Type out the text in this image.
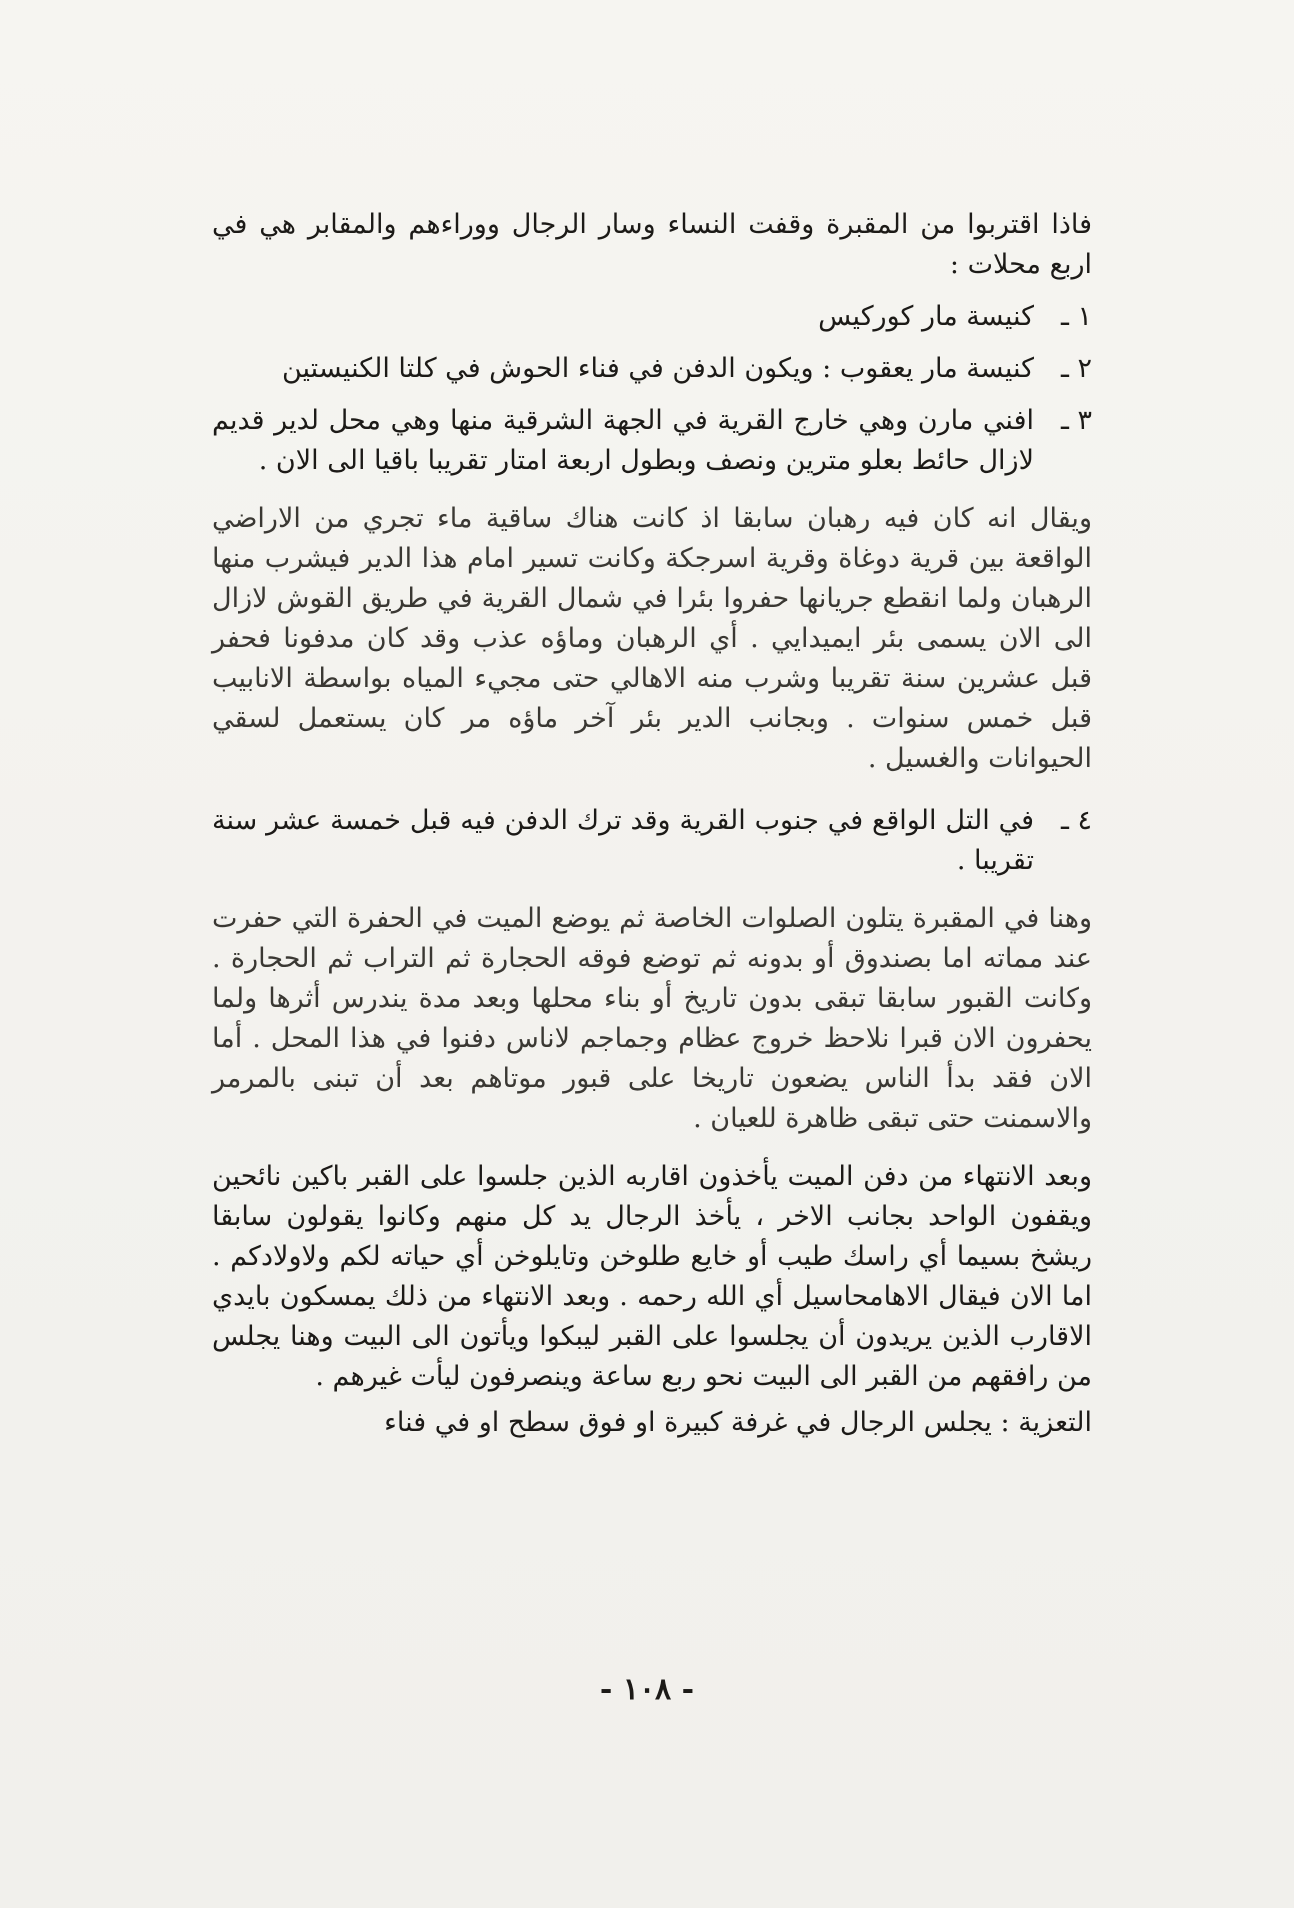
فاذا اقتربوا من المقبرة وقفت النساء وسار الرجال ووراءهم والمقابر هي في اربع محلات :

١ ـ
كنيسة مار كوركيس
٢ ـ
كنيسة مار يعقوب : ويكون الدفن في فناء الحوش في كلتا الكنيستين
٣ ـ
افني مارن وهي خارج القرية في الجهة الشرقية منها وهي محل لدير قديم لازال حائط بعلو مترين ونصف وبطول اربعة امتار تقريبا باقيا الى الان .

ويقال انه كان فيه رهبان سابقا اذ كانت هناك ساقية ماء تجري من الاراضي الواقعة بين قرية دوغاة وقرية اسرجكة وكانت تسير امام هذا الدير فيشرب منها الرهبان ولما انقطع جريانها حفروا بئرا في شمال القرية في طريق القوش لازال الى الان يسمى بئر ايميدايي . أي الرهبان وماؤه عذب وقد كان مدفونا فحفر قبل عشرين سنة تقريبا وشرب منه الاهالي حتى مجيء المياه بواسطة الانابيب قبل خمس سنوات . وبجانب الدير بئر آخر ماؤه مر كان يستعمل لسقي الحيوانات والغسيل .

٤ ـ
في التل الواقع في جنوب القرية وقد ترك الدفن فيه قبل خمسة عشر سنة تقريبا .

وهنا في المقبرة يتلون الصلوات الخاصة ثم يوضع الميت في الحفرة التي حفرت عند مماته اما بصندوق أو بدونه ثم توضع فوقه الحجارة ثم التراب ثم الحجارة . وكانت القبور سابقا تبقى بدون تاريخ أو بناء محلها وبعد مدة يندرس أثرها ولما يحفرون الان قبرا نلاحظ خروج عظام وجماجم لاناس دفنوا في هذا المحل . أما الان فقد بدأ الناس يضعون تاريخا على قبور موتاهم بعد أن تبنى بالمرمر والاسمنت حتى تبقى ظاهرة للعيان .

وبعد الانتهاء من دفن الميت يأخذون اقاربه الذين جلسوا على القبر باكين نائحين ويقفون الواحد بجانب الاخر ، يأخذ الرجال يد كل منهم وكانوا يقولون سابقا ريشخ بسيما أي راسك طيب أو خايع طلوخن وتايلوخن أي حياته لكم ولاولادكم . اما الان فيقال الاهامحاسيل أي الله رحمه . وبعد الانتهاء من ذلك يمسكون بايدي الاقارب الذين يريدون أن يجلسوا على القبر ليبكوا ويأتون الى البيت وهنا يجلس من رافقهم من القبر الى البيت نحو ربع ساعة وينصرفون ليأت غيرهم .

التعزية : يجلس الرجال في غرفة كبيرة او فوق سطح او في فناء

- ١٠٨ -
